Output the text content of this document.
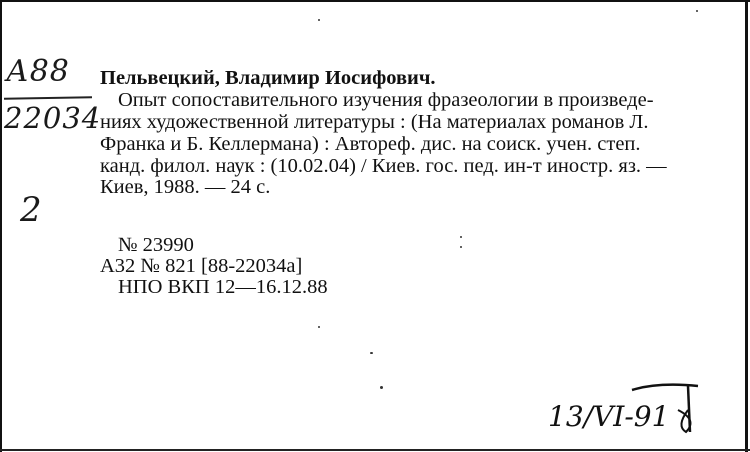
А88
22034
2
Пельвецкий, Владимир Иосифович.
Опыт сопоставительного изучения фразеологии в произведе-
ниях художественной литературы : (На материалах романов Л.
Франка и Б. Келлермана) : Автореф. дис. на соиск. учен. степ.
канд. филол. наук : (10.02.04) / Киев. гос. пед. ин-т иностр. яз. —
Киев, 1988. — 24 с.
№ 23990
А32 № 821 [88-22034а]
НПО ВКП 12—16.12.88
13/VI-91
